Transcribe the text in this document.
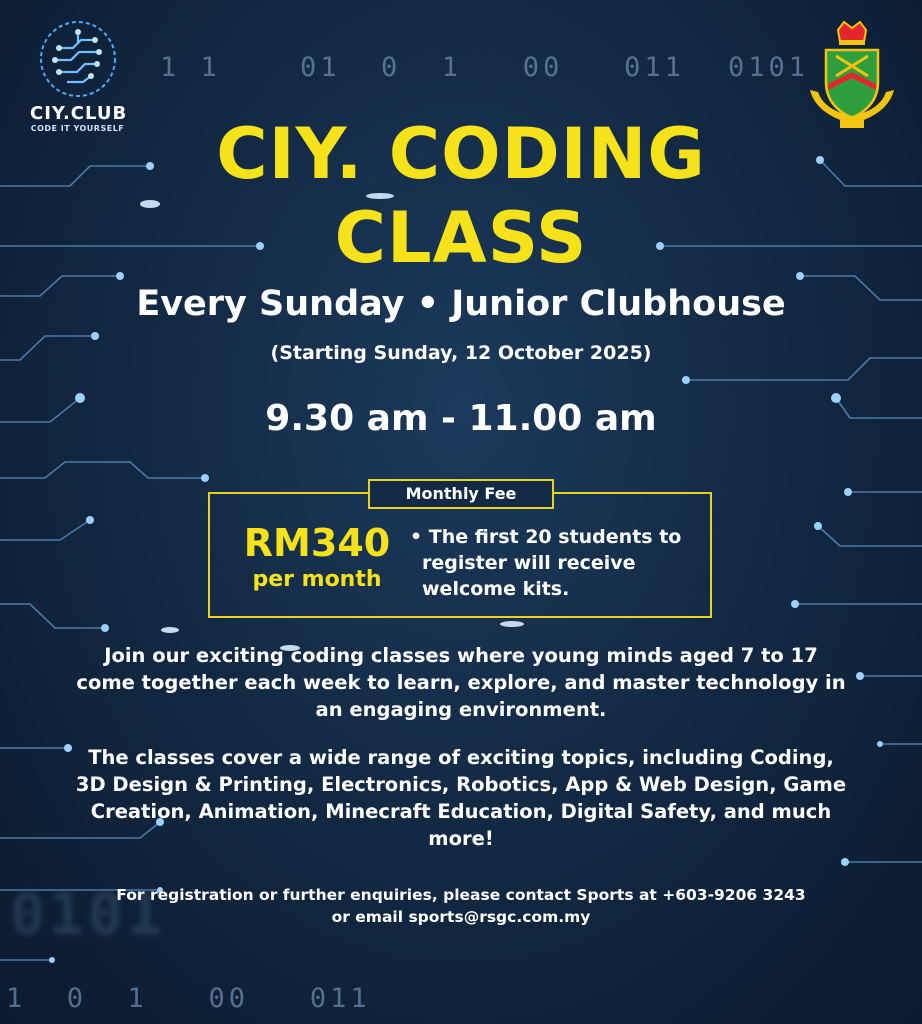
1 1	01  0  1   00   011 0101
1  0  1   00   011
0101
CIY.CLUB
CODE IT YOURSELF	CIY. CODING
CLASS
Every Sunday • Junior Clubhouse
(Starting Sunday, 12 October 2025)
9.30 am - 11.00 am
Monthly Fee
RM340
per month
• The first 20 students to
register will receive
welcome kits.
Join our exciting coding classes where young minds aged 7 to 17
come together each week to learn, explore, and master technology in
an engaging environment.
The classes cover a wide range of exciting topics, including Coding,
3D Design & Printing, Electronics, Robotics, App & Web Design, Game
Creation, Animation, Minecraft Education, Digital Safety, and much
more!
For registration or further enquiries, please contact Sports at +603-9206 3243
or email sports@rsgc.com.my
